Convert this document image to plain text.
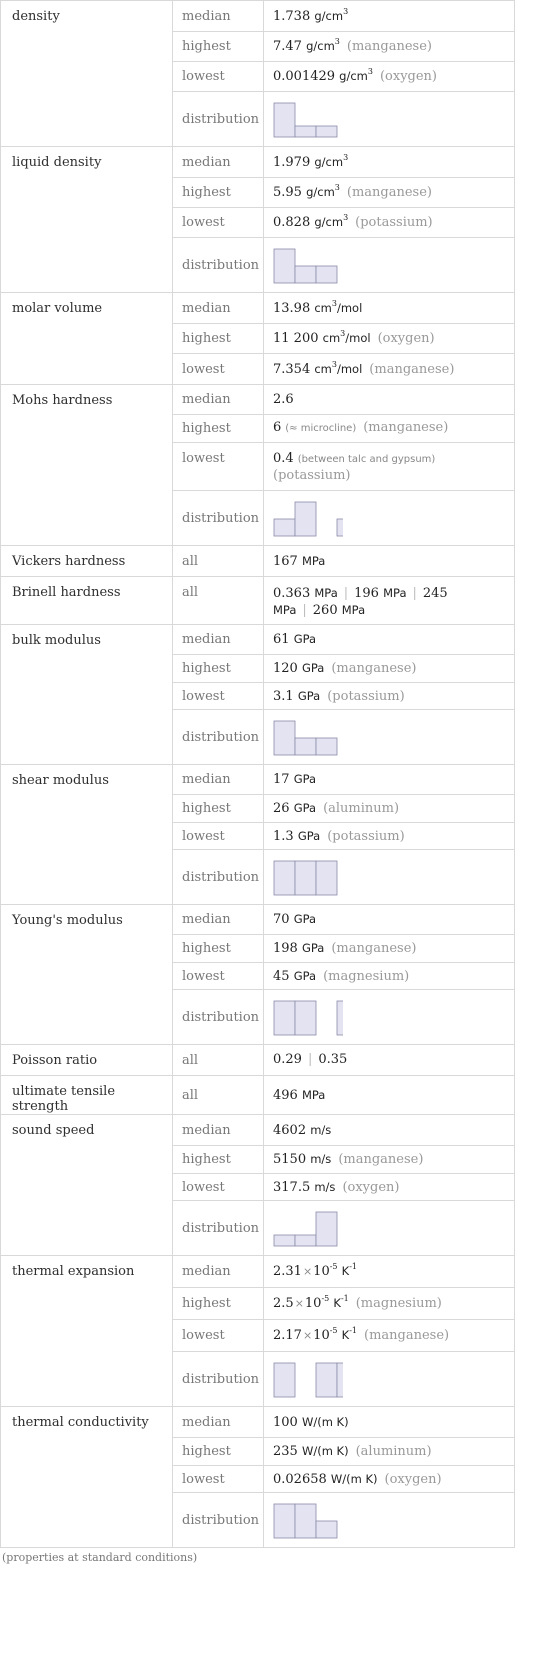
density	median	1.738 $g/cm^3$
	highest	7.47 $g/cm^3$ (manganese)
	lowest	0.001429 $g/cm^3$ (oxygen)
	distribution	

liquid density	median	1.979 $g/cm^3$
	highest	5.95 $g/cm^3$ (manganese)
	lowest	0.828 $g/cm^3$ (potassium)
	distribution	

molar volume	median	13.98 $cm^3$/mol
	highest	11 200 $cm^3$/mol (oxygen)
	lowest	7.354 $cm^3$/mol (manganese)
Mohs hardness	median	2.6
	highest	6 (≈ microcline) (manganese)
	lowest	0.4 (between talc and gypsum)
(potassium)
	distribution	

Vickers hardness	all	167 MPa
Brinell hardness	all	0.363 MPa | 196 MPa | 245
MPa | 260 MPa
bulk modulus	median	61 GPa
	highest	120 GPa (manganese)
	lowest	3.1 GPa (potassium)
	distribution	

shear modulus	median	17 GPa
	highest	26 GPa (aluminum)
	lowest	1.3 GPa (potassium)
	distribution	

Young's modulus	median	70 GPa
	highest	198 GPa (manganese)
	lowest	45 GPa (magnesium)
	distribution	

Poisson ratio	all	0.29 | 0.35
ultimate tensile strength	all	496 MPa
sound speed	median	4602 m/s
	highest	5150 m/s (manganese)
	lowest	317.5 m/s (oxygen)
	distribution	

thermal expansion	median	$2.31\times 10^{-5}$ $K^{-1}$
	highest	$2.5\times 10^{-5}$ $K^{-1}$ (magnesium)
	lowest	$2.17\times 10^{-5}$ $K^{-1}$ (manganese)
	distribution	

thermal conductivity	median	100 W/(m K)
	highest	235 W/(m K) (aluminum)
	lowest	0.02658 W/(m K) (oxygen)
	distribution	
(properties at standard conditions)
